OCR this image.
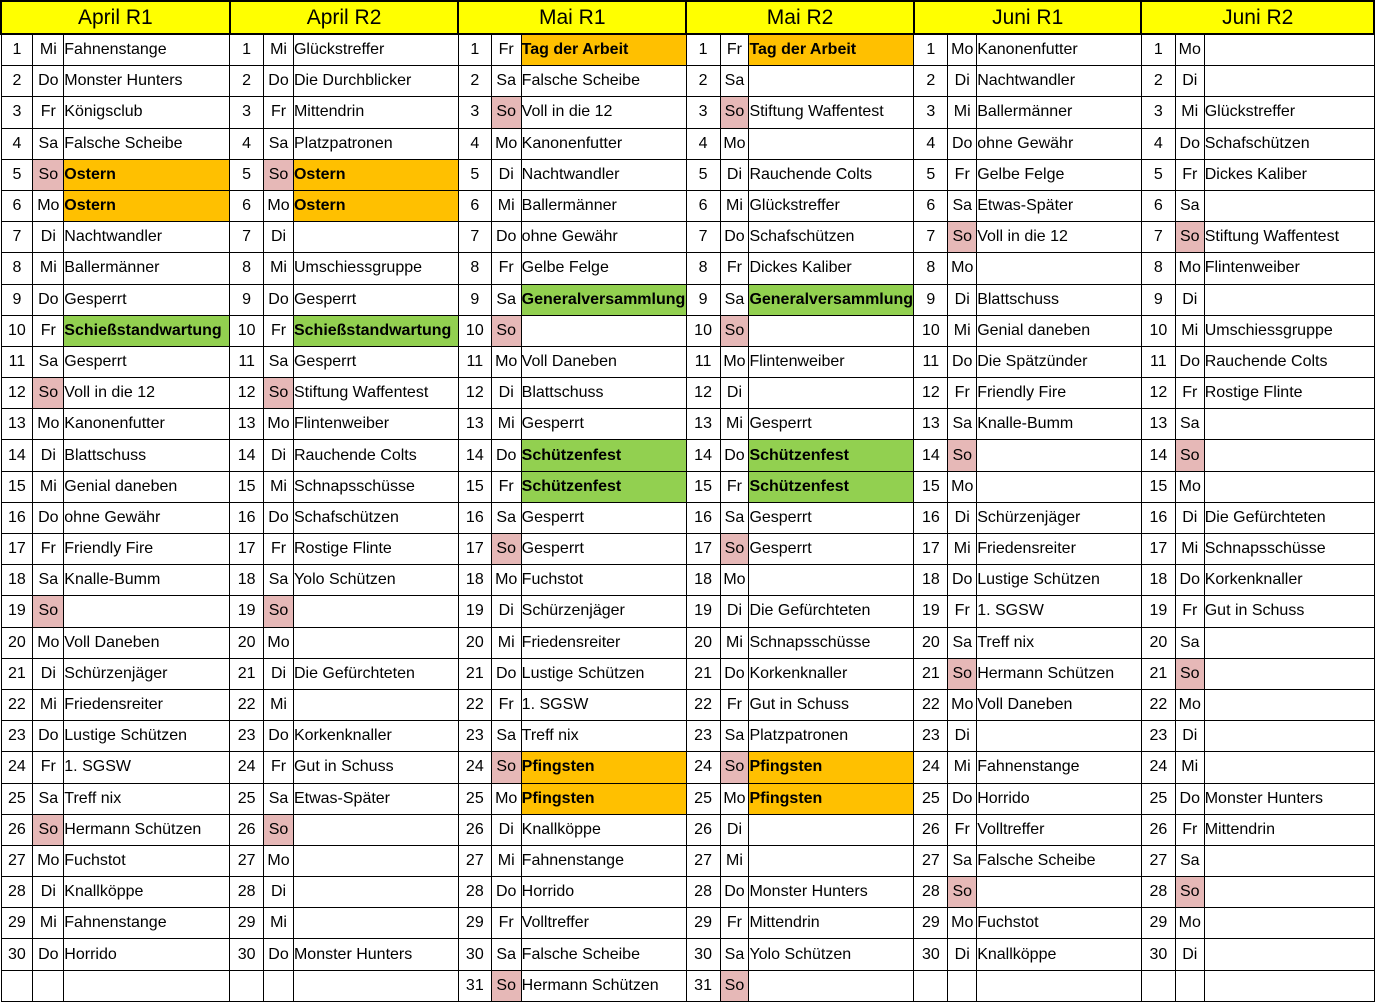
April R1			April R2			Mai R1			Mai R2			Juni R1			Juni R2		
1	Mi	Fahnenstange	1	Mi	Glückstreffer	1	Fr	Tag der Arbeit	1	Fr	Tag der Arbeit	1	Mo	Kanonenfutter	1	Mo	
2	Do	Monster Hunters	2	Do	Die Durchblicker	2	Sa	Falsche Scheibe	2	Sa		2	Di	Nachtwandler	2	Di	
3	Fr	Königsclub	3	Fr	Mittendrin	3	So	Voll in die 12	3	So	Stiftung Waffentest	3	Mi	Ballermänner	3	Mi	Glückstreffer
4	Sa	Falsche Scheibe	4	Sa	Platzpatronen	4	Mo	Kanonenfutter	4	Mo		4	Do	ohne Gewähr	4	Do	Schafschützen
5	So	Ostern	5	So	Ostern	5	Di	Nachtwandler	5	Di	Rauchende Colts	5	Fr	Gelbe Felge	5	Fr	Dickes Kaliber
6	Mo	Ostern	6	Mo	Ostern	6	Mi	Ballermänner	6	Mi	Glückstreffer	6	Sa	Etwas-Später	6	Sa	
7	Di	Nachtwandler	7	Di		7	Do	ohne Gewähr	7	Do	Schafschützen	7	So	Voll in die 12	7	So	Stiftung Waffentest
8	Mi	Ballermänner	8	Mi	Umschiessgruppe	8	Fr	Gelbe Felge	8	Fr	Dickes Kaliber	8	Mo		8	Mo	Flintenweiber
9	Do	Gesperrt	9	Do	Gesperrt	9	Sa	Generalversammlung	9	Sa	Generalversammlung	9	Di	Blattschuss	9	Di	
10	Fr	Schießstandwartung	10	Fr	Schießstandwartung	10	So		10	So		10	Mi	Genial daneben	10	Mi	Umschiessgruppe
11	Sa	Gesperrt	11	Sa	Gesperrt	11	Mo	Voll Daneben	11	Mo	Flintenweiber	11	Do	Die Spätzünder	11	Do	Rauchende Colts
12	So	Voll in die 12	12	So	Stiftung Waffentest	12	Di	Blattschuss	12	Di		12	Fr	Friendly Fire	12	Fr	Rostige Flinte
13	Mo	Kanonenfutter	13	Mo	Flintenweiber	13	Mi	Gesperrt	13	Mi	Gesperrt	13	Sa	Knalle-Bumm	13	Sa	
14	Di	Blattschuss	14	Di	Rauchende Colts	14	Do	Schützenfest	14	Do	Schützenfest	14	So		14	So	
15	Mi	Genial daneben	15	Mi	Schnapsschüsse	15	Fr	Schützenfest	15	Fr	Schützenfest	15	Mo		15	Mo	
16	Do	ohne Gewähr	16	Do	Schafschützen	16	Sa	Gesperrt	16	Sa	Gesperrt	16	Di	Schürzenjäger	16	Di	Die Gefürchteten
17	Fr	Friendly Fire	17	Fr	Rostige Flinte	17	So	Gesperrt	17	So	Gesperrt	17	Mi	Friedensreiter	17	Mi	Schnapsschüsse
18	Sa	Knalle-Bumm	18	Sa	Yolo Schützen	18	Mo	Fuchstot	18	Mo		18	Do	Lustige Schützen	18	Do	Korkenknaller
19	So		19	So		19	Di	Schürzenjäger	19	Di	Die Gefürchteten	19	Fr	1. SGSW	19	Fr	Gut in Schuss
20	Mo	Voll Daneben	20	Mo		20	Mi	Friedensreiter	20	Mi	Schnapsschüsse	20	Sa	Treff nix	20	Sa	
21	Di	Schürzenjäger	21	Di	Die Gefürchteten	21	Do	Lustige Schützen	21	Do	Korkenknaller	21	So	Hermann Schützen	21	So	
22	Mi	Friedensreiter	22	Mi		22	Fr	1. SGSW	22	Fr	Gut in Schuss	22	Mo	Voll Daneben	22	Mo	
23	Do	Lustige Schützen	23	Do	Korkenknaller	23	Sa	Treff nix	23	Sa	Platzpatronen	23	Di		23	Di	
24	Fr	1. SGSW	24	Fr	Gut in Schuss	24	So	Pfingsten	24	So	Pfingsten	24	Mi	Fahnenstange	24	Mi	
25	Sa	Treff nix	25	Sa	Etwas-Später	25	Mo	Pfingsten	25	Mo	Pfingsten	25	Do	Horrido	25	Do	Monster Hunters
26	So	Hermann Schützen	26	So		26	Di	Knallköppe	26	Di		26	Fr	Volltreffer	26	Fr	Mittendrin
27	Mo	Fuchstot	27	Mo		27	Mi	Fahnenstange	27	Mi		27	Sa	Falsche Scheibe	27	Sa	
28	Di	Knallköppe	28	Di		28	Do	Horrido	28	Do	Monster Hunters	28	So		28	So	
29	Mi	Fahnenstange	29	Mi		29	Fr	Volltreffer	29	Fr	Mittendrin	29	Mo	Fuchstot	29	Mo	
30	Do	Horrido	30	Do	Monster Hunters	30	Sa	Falsche Scheibe	30	Sa	Yolo Schützen	30	Di	Knallköppe	30	Di	
						31	So	Hermann Schützen	31	So							
